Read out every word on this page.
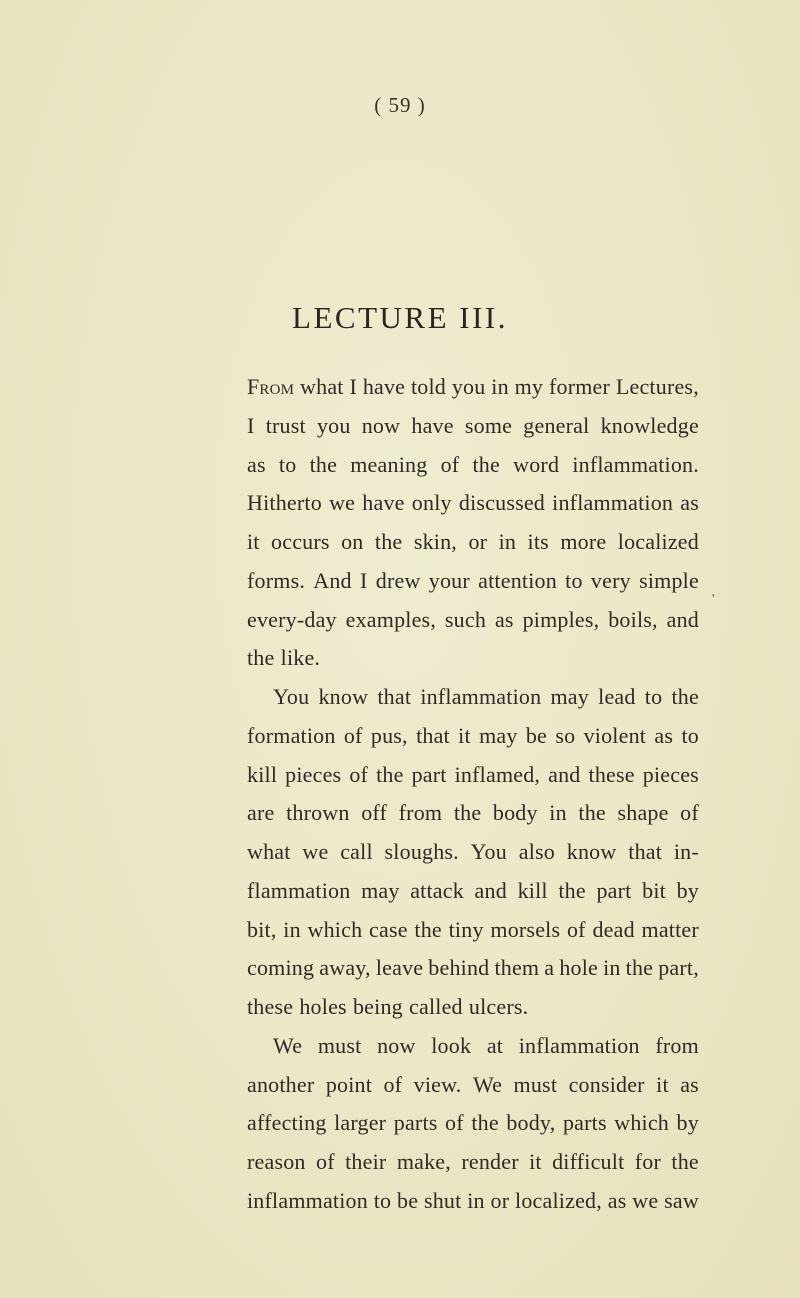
( 59 )
LECTURE III.
From what I have told you in my former Lectures,
I trust you now have some general knowledge
as to the meaning of the word inflammation.
Hitherto we have only discussed inflammation as
it occurs on the skin, or in its more localized
forms. And I drew your attention to very simple
every-day examples, such as pimples, boils, and
the like.
You know that inflammation may lead to the
formation of pus, that it may be so violent as to
kill pieces of the part inflamed, and these pieces
are thrown off from the body in the shape of
what we call sloughs. You also know that in-
flammation may attack and kill the part bit by
bit, in which case the tiny morsels of dead matter
coming away, leave behind them a hole in the part,
these holes being called ulcers.
We must now look at inflammation from
another point of view. We must consider it as
affecting larger parts of the body, parts which by
reason of their make, render it difficult for the
inflammation to be shut in or localized, as we saw
'
